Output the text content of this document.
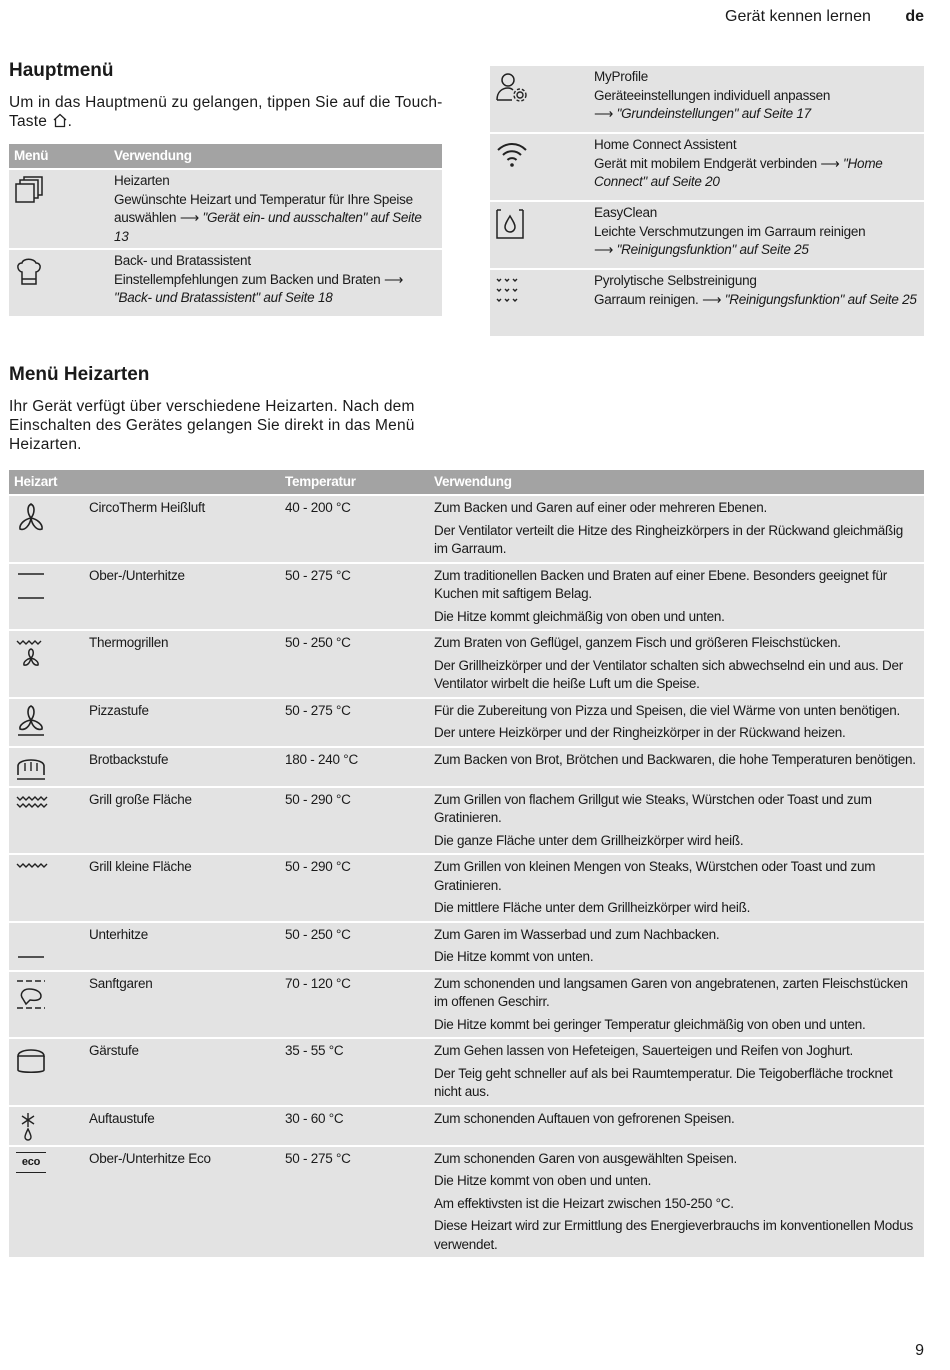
Gerät kennen lernen de
Hauptmenü

Um in das Hauptmenü zu gelangen, tippen Sie auf die Touch-Taste .

Menü	Verwendung

Heizarten
Gewünschte Heizart und Temperatur für Ihre Speise auswählen ⟶ "Gerät ein- und ausschalten" auf Seite 13

Back- und Bratassistent
Einstellempfehlungen zum Backen und Braten ⟶ "Back- und Bratassistent" auf Seite 18

MyProfile
Geräteeinstellungen individuell anpassen
⟶ "Grundeinstellungen" auf Seite 17

Home Connect Assistent
Gerät mit mobilem Endgerät verbinden ⟶ "Home Connect" auf Seite 20

EasyClean
Leichte Verschmutzungen im Garraum reinigen
⟶ "Reinigungsfunktion" auf Seite 25

Pyrolytische Selbstreinigung
Garraum reinigen. ⟶ "Reinigungsfunktion" auf Seite 25
Menü Heizarten

Ihr Gerät verfügt über verschiedene Heizarten. Nach dem Einschalten des Gerätes gelangen Sie direkt in das Menü Heizarten.

Heizart		Temperatur	Verwendung

	CircoTherm Heißluft	40 - 200 °C	Zum Backen und Garen auf einer oder mehreren Ebenen.

Der Ventilator verteilt die Hitze des Ringheizkörpers in der Rückwand gleichmäßig im Garraum.

	Ober-/Unterhitze	50 - 275 °C	Zum traditionellen Backen und Braten auf einer Ebene. Besonders geeignet für Kuchen mit saftigem Belag.

Die Hitze kommt gleichmäßig von oben und unten.

	Thermogrillen	50 - 250 °C	Zum Braten von Geflügel, ganzem Fisch und größeren Fleischstücken.

Der Grillheizkörper und der Ventilator schalten sich abwechselnd ein und aus. Der Ventilator wirbelt die heiße Luft um die Speise.

	Pizzastufe	50 - 275 °C	Für die Zubereitung von Pizza und Speisen, die viel Wärme von unten benötigen.

Der untere Heizkörper und der Ringheizkörper in der Rückwand heizen.

	Brotbackstufe	180 - 240 °C	Zum Backen von Brot, Brötchen und Backwaren, die hohe Temperaturen benötigen.

	Grill große Fläche	50 - 290 °C	Zum Grillen von flachem Grillgut wie Steaks, Würstchen oder Toast und zum Gratinieren.

Die ganze Fläche unter dem Grillheizkörper wird heiß.

	Grill kleine Fläche	50 - 290 °C	Zum Grillen von kleinen Mengen von Steaks, Würstchen oder Toast und zum Gratinieren.

Die mittlere Fläche unter dem Grillheizkörper wird heiß.

	Unterhitze	50 - 250 °C	Zum Garen im Wasserbad und zum Nachbacken.

Die Hitze kommt von unten.

	Sanftgaren	70 - 120 °C	Zum schonenden und langsamen Garen von angebratenen, zarten Fleischstücken im offenen Geschirr.

Die Hitze kommt bei geringer Temperatur gleichmäßig von oben und unten.

	Gärstufe	35 - 55 °C	Zum Gehen lassen von Hefeteigen, Sauerteigen und Reifen von Joghurt.

Der Teig geht schneller auf als bei Raumtemperatur. Die Teigoberfläche trocknet nicht aus.

	Auftaustufe	30 - 60 °C	Zum schonenden Auftauen von gefrorenen Speisen.

eco	Ober-/Unterhitze Eco	50 - 275 °C	Zum schonenden Garen von ausgewählten Speisen.

Die Hitze kommt von oben und unten.

Am effektivsten ist die Heizart zwischen 150-250 °C.

Diese Heizart wird zur Ermittlung des Energieverbrauchs im konventionellen Modus verwendet.

9
